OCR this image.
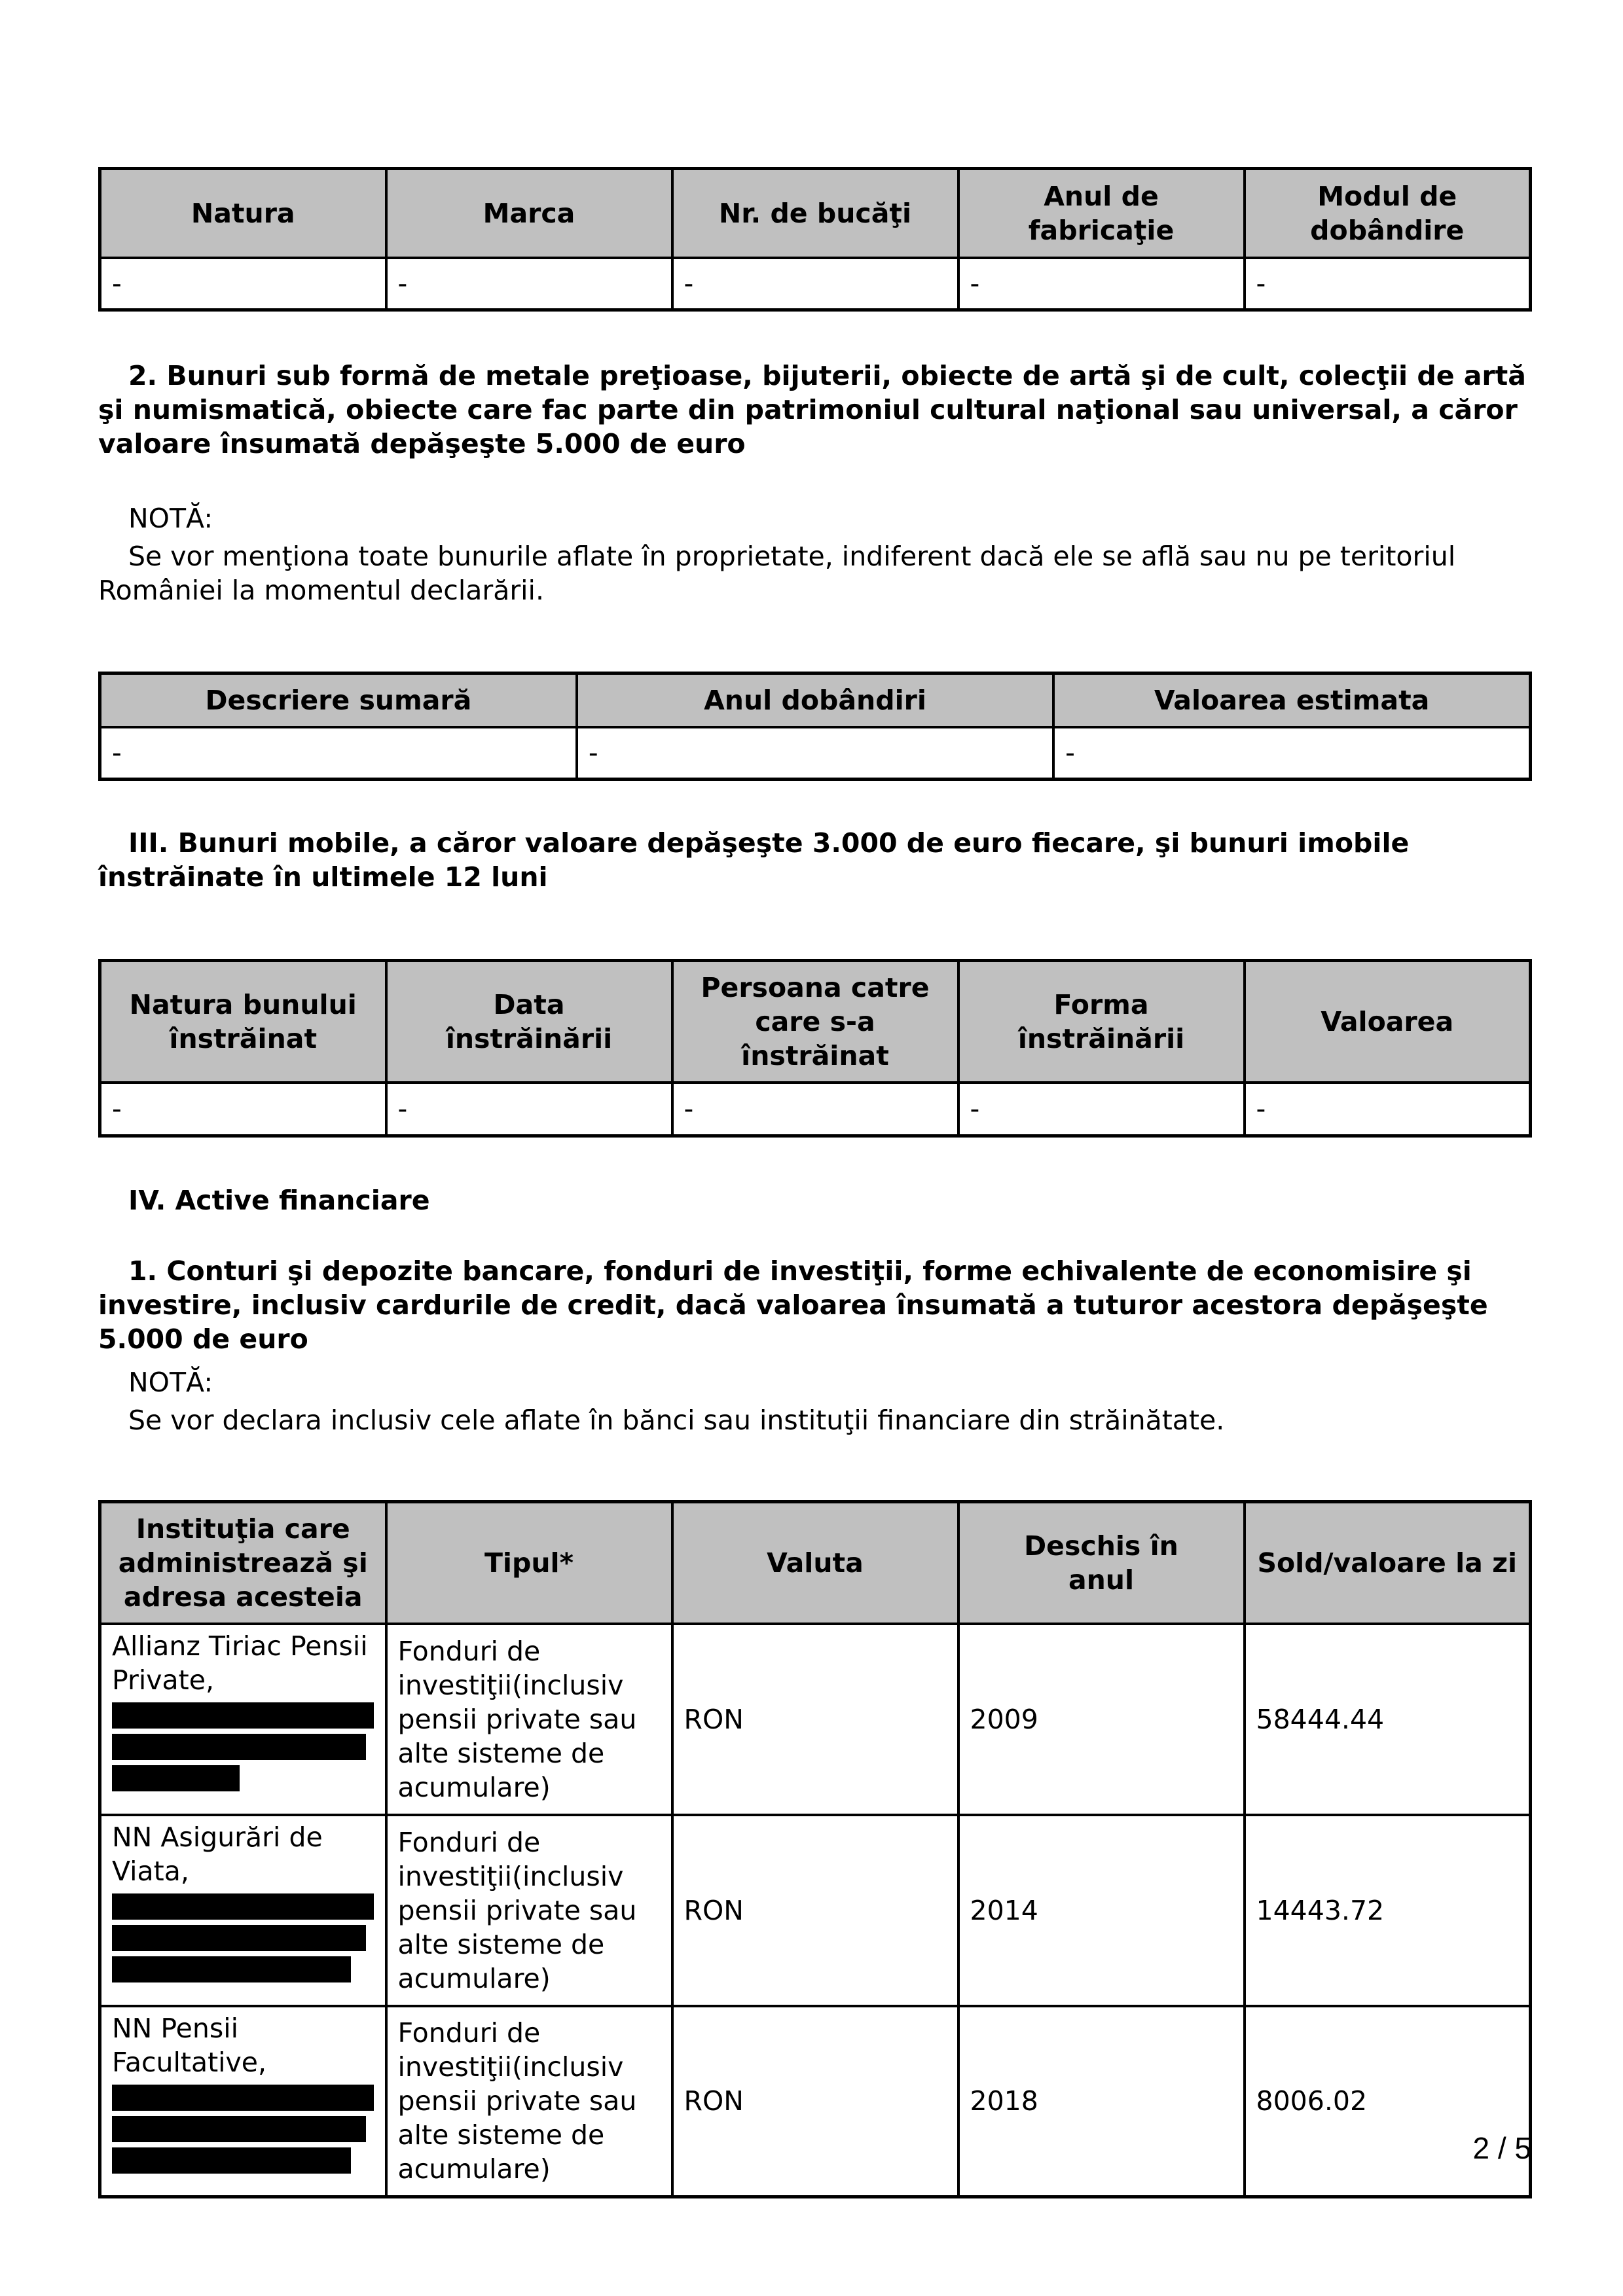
Natura	Marca	Nr. de bucăţi	Anul de fabricaţie	Modul de dobândire
-	-	-	-	-
2. Bunuri sub formă de metale preţioase, bijuterii, obiecte de artă şi de cult, colecţii de artă şi numismatică, obiecte care fac parte din patrimoniul cultural naţional sau universal, a căror valoare însumată depăşeşte 5.000 de euro
NOTĂ:
Se vor menţiona toate bunurile aflate în proprietate, indiferent dacă ele se află sau nu pe teritoriul României la momentul declarării.
Descriere sumară	Anul dobândiri	Valoarea estimata
-	-	-
III. Bunuri mobile, a căror valoare depăşeşte 3.000 de euro fiecare, şi bunuri imobile înstrăinate în ultimele 12 luni
Natura bunului înstrăinat	Data înstrăinării	Persoana catre care s-a înstrăinat	Forma înstrăinării	Valoarea
-	-	-	-	-
IV. Active financiare
1. Conturi şi depozite bancare, fonduri de investiţii, forme echivalente de economisire şi investire, inclusiv cardurile de credit, dacă valoarea însumată a tuturor acestora depăşeşte 5.000 de euro
NOTĂ:
Se vor declara inclusiv cele aflate în bănci sau instituţii financiare din străinătate.
Instituţia care administrează şi adresa acesteia	Tipul*	Valuta	Deschis în anul	Sold/valoare la zi
Allianz Tiriac Pensii Private,	Fonduri de investiţii(inclusiv pensii private sau alte sisteme de acumulare)	RON	2009	58444.44
NN Asigurări de Viata,	Fonduri de investiţii(inclusiv pensii private sau alte sisteme de acumulare)	RON	2014	14443.72
NN Pensii Facultative,	Fonduri de investiţii(inclusiv pensii private sau alte sisteme de acumulare)	RON	2018	8006.02
2 / 5
